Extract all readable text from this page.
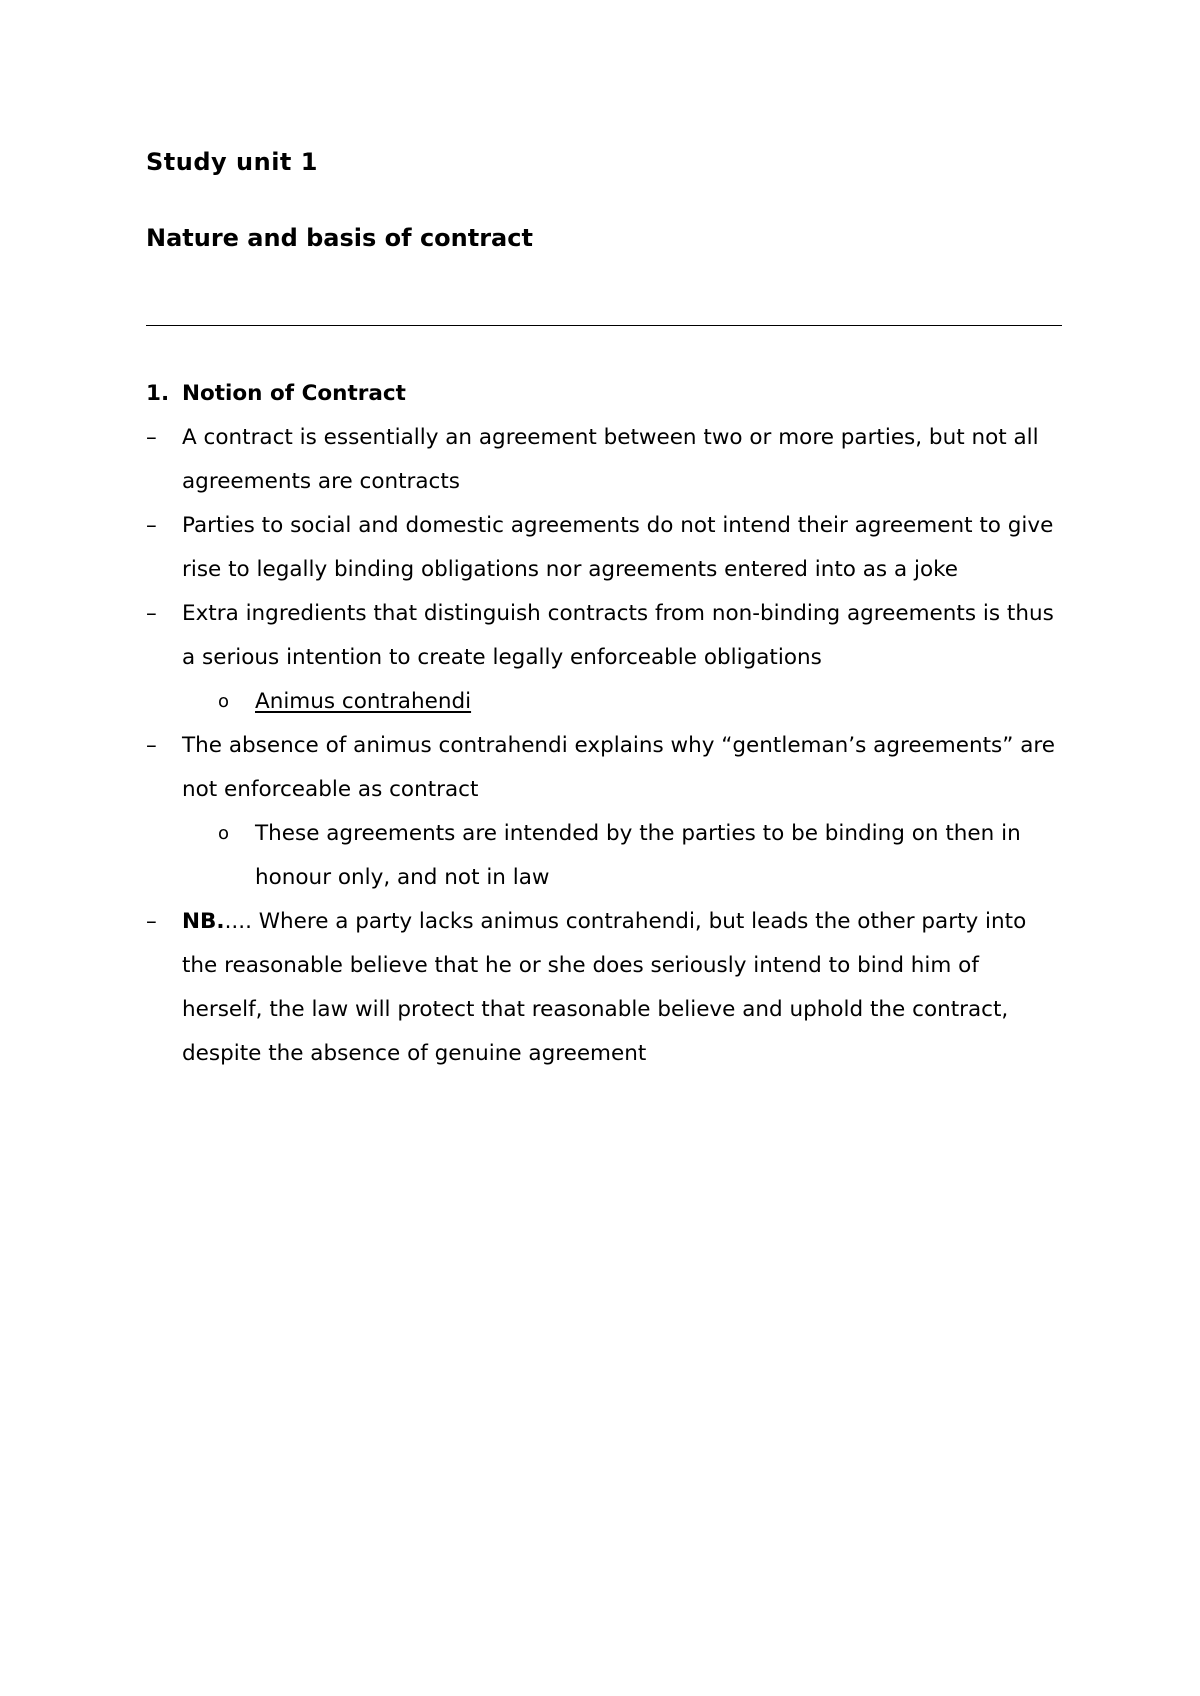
Study unit 1
Nature and basis of contract
1. Notion of Contract
–	A contract is essentially an agreement between two or more parties, but not all agreements are contracts
–	Parties to social and domestic agreements do not intend their agreement to give rise to legally binding obligations nor agreements entered into as a joke
–	Extra ingredients that distinguish contracts from non-binding agreements is thus a serious intention to create legally enforceable obligations
o	Animus contrahendi
–	The absence of animus contrahendi explains why “gentleman’s agreements” are not enforceable as contract
o	These agreements are intended by the parties to be binding on then in honour only, and not in law
–	NB..... Where a party lacks animus contrahendi, but leads the other party into the reasonable believe that he or she does seriously intend to bind him of herself, the law will protect that reasonable believe and uphold the contract, despite the absence of genuine agreement
